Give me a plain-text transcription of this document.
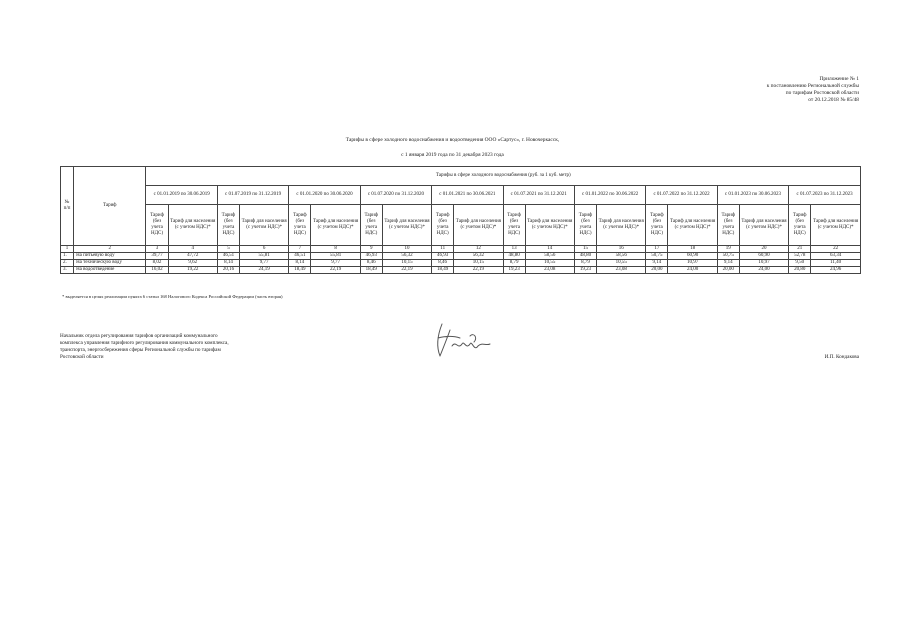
Приложение № 1
к постановлению Региональной службы
по тарифам Ростовской области
от 20.12.2018 № 85/48
Тарифы в сфере холодного водоснабжения и водоотведения ООО «Сартус», г. Новочеркасск,
с 1 января 2019 года по 31 декабря 2023 года
№ п/п	Тариф	Тарифы в сфере холодного водоснабжения (руб. за 1 куб. метр)																			
		с 01.01.2019 по 30.06.2019		с 01.07.2019 по 31.12.2019		с 01.01.2020 по 30.06.2020		с 01.07.2020 по 31.12.2020		с 01.01.2021 по 30.06.2021		с 01.07.2021 по 31.12.2021		с 01.01.2022 по 30.06.2022		с 01.07.2022 по 31.12.2022		с 01.01.2023 по 30.06.2023		с 01.07.2023 по 31.12.2023	
		Тариф (без учета НДС)	Тариф для населения (с учетом НДС)*	Тариф (без учета НДС)	Тариф для населения (с учетом НДС)*	Тариф (без учета НДС)	Тариф для населения (с учетом НДС)*	Тариф (без учета НДС)	Тариф для населения (с учетом НДС)*	Тариф (без учета НДС)	Тариф для населения (с учетом НДС)*	Тариф (без учета НДС)	Тариф для населения (с учетом НДС)*	Тариф (без учета НДС)	Тариф для населения (с учетом НДС)*	Тариф (без учета НДС)	Тариф для населения (с учетом НДС)*	Тариф (без учета НДС)	Тариф для населения (с учетом НДС)*	Тариф (без учета НДС)	Тариф для населения (с учетом НДС)*
1	2	3	4	5	6	7	8	9	10	11	12	13	14	15	16	17	18	19	20	21	22
1.	На питьевую воду	39,77	47,72	46,51	55,81	46,51	55,81	46,93	56,32	46,93	56,32	48,80	58,56	48,80	58,56	50,75	60,90	50,75	60,90	52,78	63,34
2.	На техническую воду	8,02	9,62	8,14	9,77	8,14	9,77	8,46	10,15	8,46	10,15	8,79	10,55	8,79	10,55	9,14	10,97	9,14	10,97	9,50	11,40
3.	На водоотведение	16,02	19,22	20,16	24,19	18,49	22,19	18,49	22,19	18,49	22,19	19,23	23,08	19,23	23,08	20,00	24,00	20,00	24,00	20,80	24,96
* выделяется в целях реализации пункта 6 статьи 168 Налогового Кодекса Российской Федерации (часть вторая)
Начальник отдела регулирования тарифов организаций коммунального
комплекса управления тарифного регулирования коммунального комплекса,
транспорта, энергосбережения сферы Региональной службы по тарифам
Ростовской области	И.П. Кондакова
